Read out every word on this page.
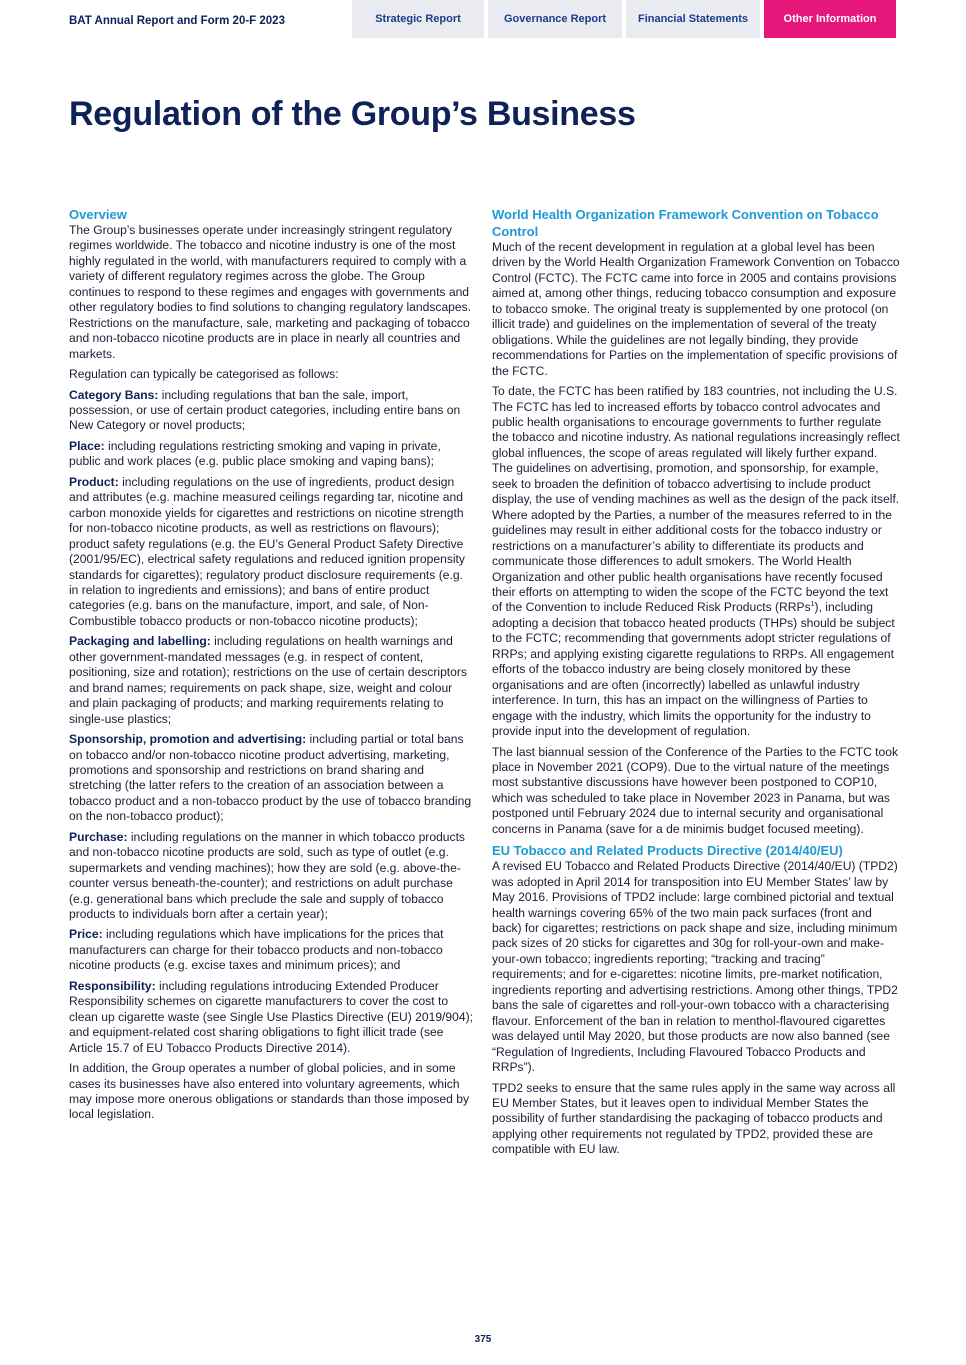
BAT Annual Report and Form 20-F 2023	Strategic Report	Governance Report	Financial Statements	Other Information
Regulation of the Group’s Business
Overview

The Group’s businesses operate under increasingly stringent regulatory regimes worldwide. The tobacco and nicotine industry is one of the most highly regulated in the world, with manufacturers required to comply with a variety of different regulatory regimes across the globe. The Group continues to respond to these regimes and engages with governments and other regulatory bodies to find solutions to changing regulatory landscapes. Restrictions on the manufacture, sale, marketing and packaging of tobacco and non-tobacco nicotine products are in place in nearly all countries and markets.

Regulation can typically be categorised as follows:

Category Bans: including regulations that ban the sale, import, possession, or use of certain product categories, including entire bans on New Category or novel products;

Place: including regulations restricting smoking and vaping in private, public and work places (e.g. public place smoking and vaping bans);

Product: including regulations on the use of ingredients, product design and attributes (e.g. machine measured ceilings regarding tar, nicotine and carbon monoxide yields for cigarettes and restrictions on nicotine strength for non-tobacco nicotine products, as well as restrictions on flavours); product safety regulations (e.g. the EU’s General Product Safety Directive (2001/95/EC), electrical safety regulations and reduced ignition propensity standards for cigarettes); regulatory product disclosure requirements (e.g. in relation to ingredients and emissions); and bans of entire product categories (e.g. bans on the manufacture, import, and sale, of Non-Combustible tobacco products or non-tobacco nicotine products);

Packaging and labelling: including regulations on health warnings and other government-mandated messages (e.g. in respect of content, positioning, size and rotation); restrictions on the use of certain descriptors and brand names; requirements on pack shape, size, weight and colour and plain packaging of products; and marking requirements relating to single-use plastics;

Sponsorship, promotion and advertising: including partial or total bans on tobacco and/or non-tobacco nicotine product advertising, marketing, promotions and sponsorship and restrictions on brand sharing and stretching (the latter refers to the creation of an association between a tobacco product and a non-tobacco product by the use of tobacco branding on the non-tobacco product);

Purchase: including regulations on the manner in which tobacco products and non-tobacco nicotine products are sold, such as type of outlet (e.g. supermarkets and vending machines); how they are sold (e.g. above-the-counter versus beneath-the-counter); and restrictions on adult purchase (e.g. generational bans which preclude the sale and supply of tobacco products to individuals born after a certain year);

Price: including regulations which have implications for the prices that manufacturers can charge for their tobacco products and non-tobacco nicotine products (e.g. excise taxes and minimum prices); and

Responsibility: including regulations introducing Extended Producer Responsibility schemes on cigarette manufacturers to cover the cost to clean up cigarette waste (see Single Use Plastics Directive (EU) 2019/904); and equipment-related cost sharing obligations to fight illicit trade (see Article 15.7 of EU Tobacco Products Directive 2014).

In addition, the Group operates a number of global policies, and in some cases its businesses have also entered into voluntary agreements, which may impose more onerous obligations or standards than those imposed by local legislation.

World Health Organization Framework Convention on Tobacco Control

Much of the recent development in regulation at a global level has been driven by the World Health Organization Framework Convention on Tobacco Control (FCTC). The FCTC came into force in 2005 and contains provisions aimed at, among other things, reducing tobacco consumption and exposure to tobacco smoke. The original treaty is supplemented by one protocol (on illicit trade) and guidelines on the implementation of several of the treaty obligations. While the guidelines are not legally binding, they provide recommendations for Parties on the implementation of specific provisions of the FCTC.

To date, the FCTC has been ratified by 183 countries, not including the U.S. The FCTC has led to increased efforts by tobacco control advocates and public health organisations to encourage governments to further regulate the tobacco and nicotine industry. As national regulations increasingly reflect global influences, the scope of areas regulated will likely further expand. The guidelines on advertising, promotion, and sponsorship, for example, seek to broaden the definition of tobacco advertising to include product display, the use of vending machines as well as the design of the pack itself. Where adopted by the Parties, a number of the measures referred to in the guidelines may result in either additional costs for the tobacco industry or restrictions on a manufacturer’s ability to differentiate its products and communicate those differences to adult smokers. The World Health Organization and other public health organisations have recently focused their efforts on attempting to widen the scope of the FCTC beyond the text of the Convention to include Reduced Risk Products (RRPs$^1$), including adopting a decision that tobacco heated products (THPs) should be subject to the FCTC; recommending that governments adopt stricter regulations of RRPs; and applying existing cigarette regulations to RRPs. All engagement efforts of the tobacco industry are being closely monitored by these organisations and are often (incorrectly) labelled as unlawful industry interference. In turn, this has an impact on the willingness of Parties to engage with the industry, which limits the opportunity for the industry to provide input into the development of regulation.

The last biannual session of the Conference of the Parties to the FCTC took place in November 2021 (COP9). Due to the virtual nature of the meetings most substantive discussions have however been postponed to COP10, which was scheduled to take place in November 2023 in Panama, but was postponed until February 2024 due to internal security and organisational concerns in Panama (save for a de minimis budget focused meeting).

EU Tobacco and Related Products Directive (2014/40/EU)

A revised EU Tobacco and Related Products Directive (2014/40/EU) (TPD2) was adopted in April 2014 for transposition into EU Member States’ law by May 2016. Provisions of TPD2 include: large combined pictorial and textual health warnings covering 65% of the two main pack surfaces (front and back) for cigarettes; restrictions on pack shape and size, including minimum pack sizes of 20 sticks for cigarettes and 30g for roll-your-own and make-your-own tobacco; ingredients reporting; “tracking and tracing” requirements; and for e-cigarettes: nicotine limits, pre-market notification, ingredients reporting and advertising restrictions. Among other things, TPD2 bans the sale of cigarettes and roll-your-own tobacco with a characterising flavour. Enforcement of the ban in relation to menthol-flavoured cigarettes was delayed until May 2020, but those products are now also banned (see “Regulation of Ingredients, Including Flavoured Tobacco Products and RRPs”).

TPD2 seeks to ensure that the same rules apply in the same way across all EU Member States, but it leaves open to individual Member States the possibility of further standardising the packaging of tobacco products and applying other requirements not regulated by TPD2, provided these are compatible with EU law.

375
